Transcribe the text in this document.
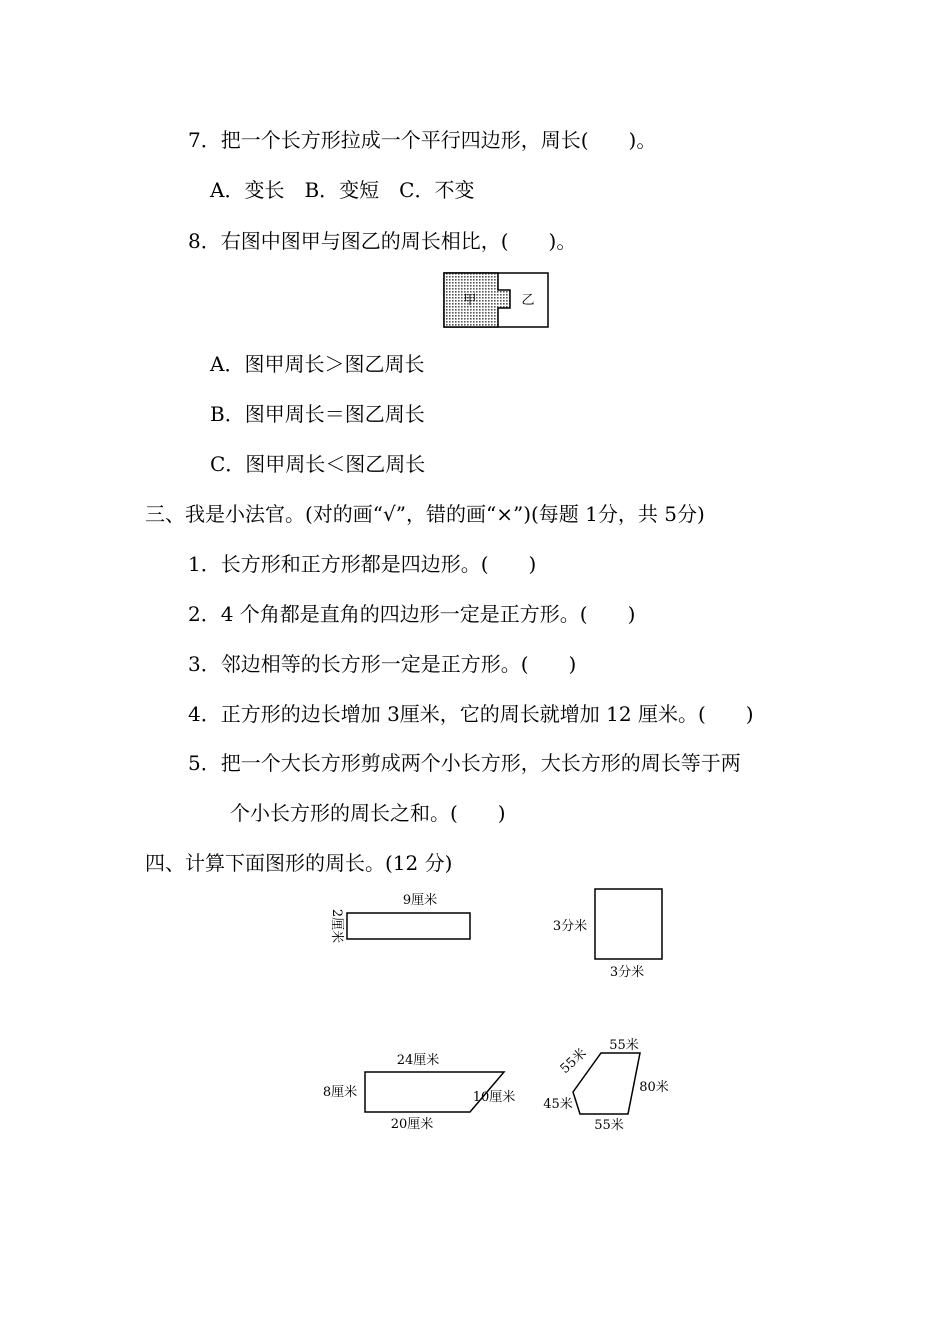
7．把一个长方形拉成一个平行四边形，周长(　　)。
A．变长　B．变短　C．不变
8．右图中图甲与图乙的周长相比，(　　)。
甲	乙
A．图甲周长＞图乙周长
B．图甲周长＝图乙周长
C．图甲周长＜图乙周长
三、我是小法官。(对的画“√”，错的画“×”)(每题 1分，共 5分)
1．长方形和正方形都是四边形。(　　)
2．4 个角都是直角的四边形一定是正方形。(　　)
3．邻边相等的长方形一定是正方形。(　　)
4．正方形的边长增加 3厘米，它的周长就增加 12 厘米。(　　)
5．把一个大长方形剪成两个小长方形，大长方形的周长等于两
个小长方形的周长之和。(　　)
四、计算下面图形的周长。(12 分)
9厘米
2厘米	3分米
3分米
24厘米
8厘米	10厘米
20厘米
55米
55米
80米
45米
55米
